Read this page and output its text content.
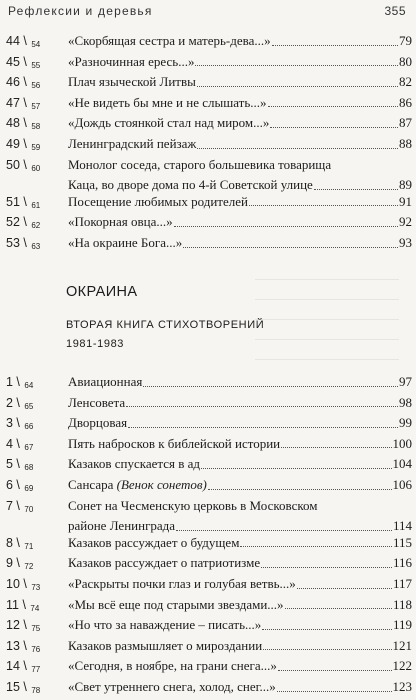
Рефлексии и деревья	355
44 \ $_{54}$	«Скорбящая сестра и матерь-дева...»	79
45 \ $_{55}$	«Разночинная ересь...»	80
46 \ $_{56}$	Плач языческой Литвы	82
47 \ $_{57}$	«Не видеть бы мне и не слышать...»	86
48 \ $_{58}$	«Дождь стоянкой стал над миром...»	87
49 \ $_{59}$	Ленинградский пейзаж	88
50 \ $_{60}$	Монолог соседа, старого большевика товарища
Каца, во дворе дома по 4-й Советской улице	89
51 \ $_{61}$	Посещение любимых родителей	91
52 \ $_{62}$	«Покорная овца...»	92
53 \ $_{63}$	«На окраине Бога...»	93
ОКРАИНА
ВТОРАЯ КНИГА СТИХОТВОРЕНИЙ
1981-1983
1 \ $_{64}$	Авиационная	97
2 \ $_{65}$	Ленсовета	98
3 \ $_{66}$	Дворцовая	99
4 \ $_{67}$	Пять набросков к библейской истории	100
5 \ $_{68}$	Казаков спускается в ад	104
6 \ $_{69}$	Сансара (Венок сонетов)	106
7 \ $_{70}$	Сонет на Чесменскую церковь в Московском
районе Ленинграда	114
8 \ $_{71}$	Казаков рассуждает о будущем	115
9 \ $_{72}$	Казаков рассуждает о патриотизме	116
10 \ $_{73}$	«Раскрыты почки глаз и голубая ветвь...»	117
11 \ $_{74}$	«Мы всё еще под старыми звездами...»	118
12 \ $_{75}$	«Но что за наваждение – писать...»	119
13 \ $_{76}$	Казаков размышляет о мироздании	121
14 \ $_{77}$	«Сегодня, в ноябре, на грани снега...»	122
15 \ $_{78}$	«Свет утреннего снега, холод, снег...»	123
